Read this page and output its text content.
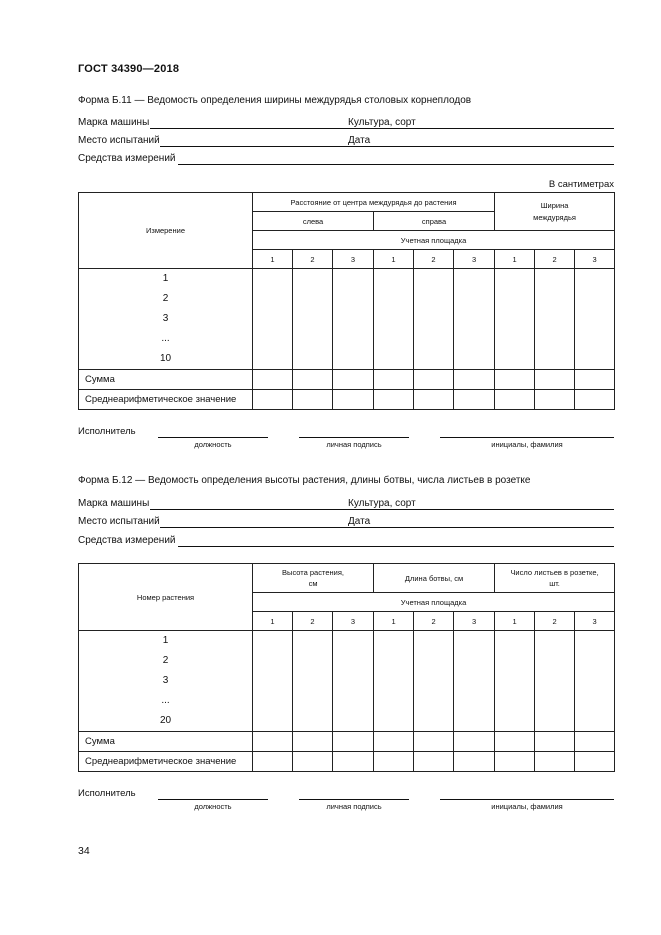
ГОСТ 34390—2018
Форма Б.11 — Ведомость определения ширины междурядья столовых корнеплодов
Марка машины	Культура, сорт
Место испытаний	Дата
Средства измерений
В сантиметрах
Измерение	Расстояние от центра междурядья до растения						Ширина междурядья		

	слева			справа					
	Учетная площадка								
	1	2	3	1	2	3	1	2	3

1
2
3
...
10									

Сумма									
Среднеарифметическое значение									
Исполнитель
должность	личная подпись	инициалы, фамилия
Форма Б.12 — Ведомость определения высоты растения, длины ботвы, числа листьев в розетке
Марка машины	Культура, сорт
Место испытаний	Дата
Средства измерений
Номер растения	Высота растения, см			Длина ботвы, см			Число листьев в розетке, шт.		

	Учетная площадка								
	1	2	3	1	2	3	1	2	3

1
2
3
...
20									

Сумма									
Среднеарифметическое значение									
Исполнитель
должность	личная подпись	инициалы, фамилия
34
